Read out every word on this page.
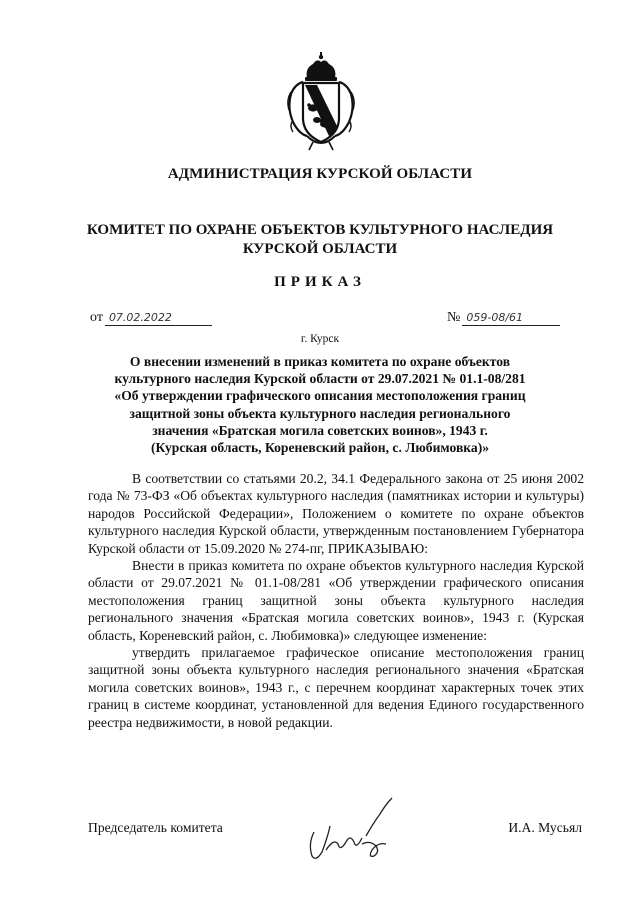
АДМИНИСТРАЦИЯ КУРСКОЙ ОБЛАСТИ
КОМИТЕТ ПО ОХРАНЕ ОБЪЕКТОВ КУЛЬТУРНОГО НАСЛЕДИЯ
КУРСКОЙ ОБЛАСТИ
ПРИКАЗ
от 07.02.2022	№ 059-08/61
г. Курск
О внесении изменений в приказ комитета по охране объектов
культурного наследия Курской области от 29.07.2021 № 01.1-08/281
«Об утверждении графического описания местоположения границ
защитной зоны объекта культурного наследия регионального
значения «Братская могила советских воинов», 1943 г.
(Курская область, Кореневский район, с. Любимовка)»

В соответствии со статьями 20.2, 34.1 Федерального закона от 25 июня 2002 года № 73-ФЗ «Об объектах культурного наследия (памятниках истории и культуры) народов Российской Федерации», Положением о комитете по охране объектов культурного наследия Курской области, утвержденным постановлением Губернатора Курской области от 15.09.2020 № 274-пг, ПРИКАЗЫВАЮ:

Внести в приказ комитета по охране объектов культурного наследия Курской области от 29.07.2021 № 01.1-08/281 «Об утверждении графического описания местоположения границ защитной зоны объекта культурного наследия регионального значения «Братская могила советских воинов», 1943 г. (Курская область, Кореневский район, с. Любимовка)» следующее изменение:

утвердить прилагаемое графическое описание местоположения границ защитной зоны объекта культурного наследия регионального значения «Братская могила советских воинов», 1943 г., с перечнем координат характерных точек этих границ в системе координат, установленной для ведения Единого государственного реестра недвижимости, в новой редакции.

Председатель комитета	И.А. Мусьял
